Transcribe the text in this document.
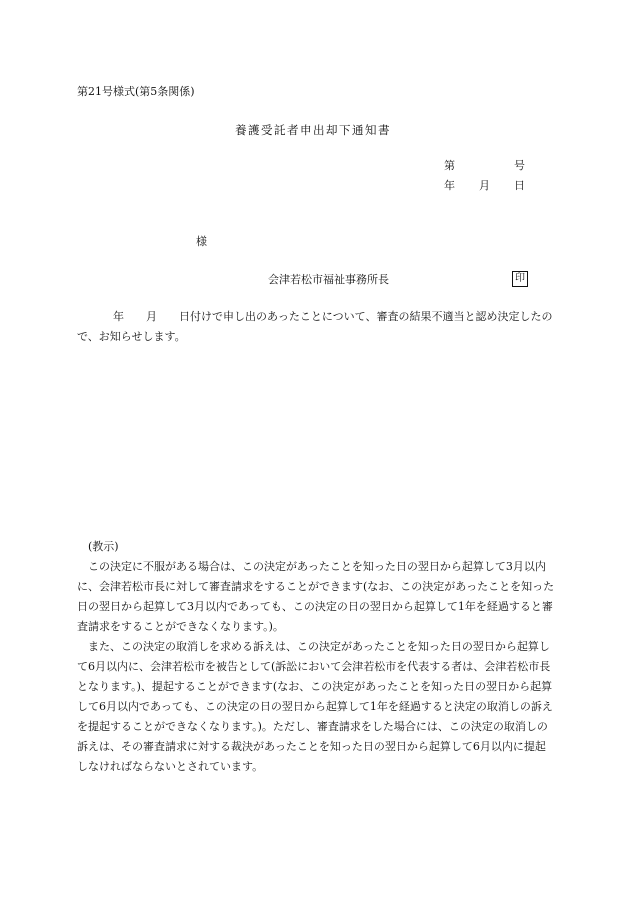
第21号様式(第5条関係)
養護受託者申出却下通知書
第	号
年 月 日
様
会津若松市福祉事務所長	印
年 月 日付けで申し出のあったことについて、審査の結果不適当と認め決定したので、お知らせします。

(教示)

この決定に不服がある場合は、この決定があったことを知った日の翌日から起算して3月以内に、会津若松市長に対して審査請求をすることができます(なお、この決定があったことを知った日の翌日から起算して3月以内であっても、この決定の日の翌日から起算して1年を経過すると審査請求をすることができなくなります。)。

また、この決定の取消しを求める訴えは、この決定があったことを知った日の翌日から起算して6月以内に、会津若松市を被告として(訴訟において会津若松市を代表する者は、会津若松市長となります。)、提起することができます(なお、この決定があったことを知った日の翌日から起算して6月以内であっても、この決定の日の翌日から起算して1年を経過すると決定の取消しの訴えを提起することができなくなります。)。ただし、審査請求をした場合には、この決定の取消しの訴えは、その審査請求に対する裁決があったことを知った日の翌日から起算して6月以内に提起しなければならないとされています。
